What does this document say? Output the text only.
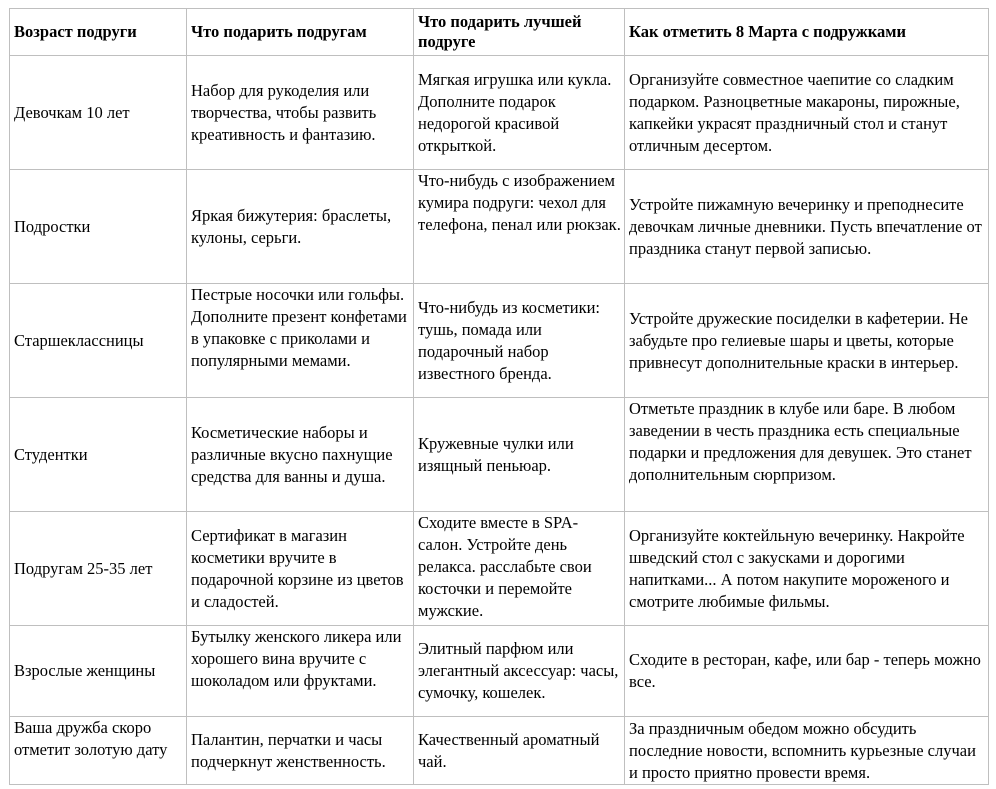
Возраст подруги	Что подарить подругам	Что подарить лучшей подруге	Как отметить 8 Марта с подружками
Девочкам 10 лет	Набор для рукоделия или творчества, чтобы развить креативность и фантазию.	Мягкая игрушка или кукла. Дополните подарок недорогой красивой открыткой.	Организуйте совместное чаепитие со сладким подарком. Разноцветные макароны, пирожные, капкейки украсят праздничный стол и станут отличным десертом.
Подростки	Яркая бижутерия: браслеты, кулоны, серьги.	Что-нибудь с изображением кумира подруги: чехол для телефона, пенал или рюкзак.	Устройте пижамную вечеринку и преподнесите девочкам личные дневники. Пусть впечатление от праздника станут первой записью.
Старшеклассницы	Пестрые носочки или гольфы. Дополните презент конфетами в упаковке с приколами и популярными мемами.	Что-нибудь из косметики: тушь, помада или подарочный набор известного бренда.	Устройте дружеские посиделки в кафетерии. Не забудьте про гелиевые шары и цветы, которые привнесут дополнительные краски в интерьер.
Студентки	Косметические наборы и различные вкусно пахнущие средства для ванны и душа.	Кружевные чулки или изящный пеньюар.	Отметьте праздник в клубе или баре. В любом заведении в честь праздника есть специальные подарки и предложения для девушек. Это станет дополнительным сюрпризом.
Подругам 25-35 лет	Сертификат в магазин косметики вручите в подарочной корзине из цветов и сладостей.	Сходите вместе в SPA-салон. Устройте день релакса. расслабьте свои косточки и перемойте мужские.	Организуйте коктейльную вечеринку. Накройте шведский стол с закусками и дорогими напитками... А потом накупите мороженого и смотрите любимые фильмы.
Взрослые женщины	Бутылку женского ликера или хорошего вина вручите с шоколадом или фруктами.	Элитный парфюм или элегантный аксессуар: часы, сумочку, кошелек.	Сходите в ресторан, кафе, или бар - теперь можно все.
Ваша дружба скоро отметит золотую дату	Палантин, перчатки и часы подчеркнут женственность.	Качественный ароматный чай.	За праздничным обедом можно обсудить последние новости, вспомнить курьезные случаи и просто приятно провести время.
